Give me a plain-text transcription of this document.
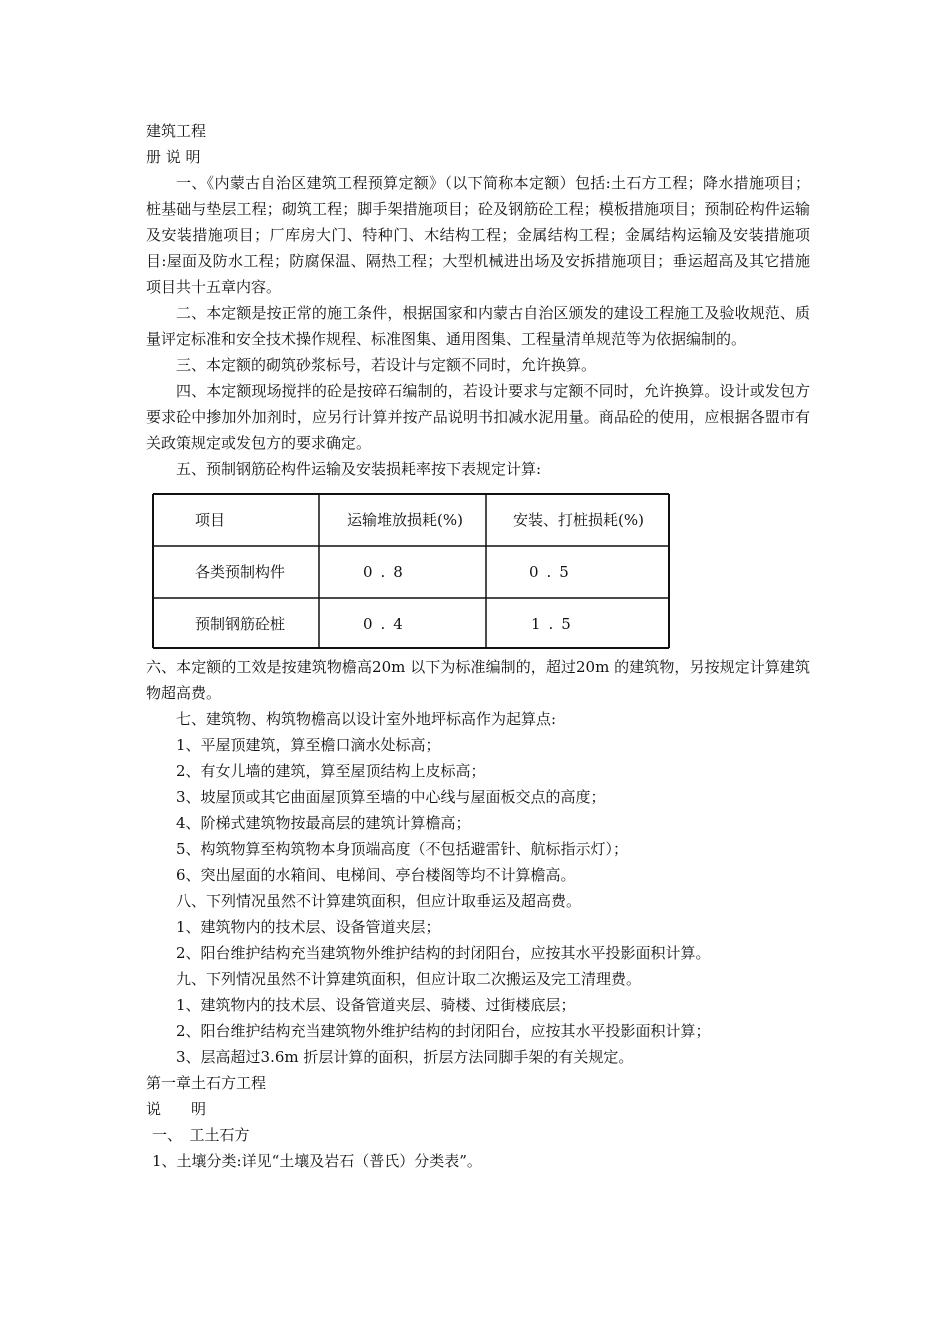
建筑工程

册 说 明

一、《内蒙古自治区建筑工程预算定额》（以下简称本定额）包括:土石方工程；降水措施项目；桩基础与垫层工程；砌筑工程；脚手架措施项目；砼及钢筋砼工程；模板措施项目；预制砼构件运输及安装措施项目；厂库房大门、特种门、木结构工程；金属结构工程；金属结构运输及安装措施项目:屋面及防水工程；防腐保温、隔热工程；大型机械进出场及安拆措施项目；垂运超高及其它措施项目共十五章内容。

二、本定额是按正常的施工条件，根据国家和内蒙古自治区颁发的建设工程施工及验收规范、质量评定标准和安全技术操作规程、标准图集、通用图集、工程量清单规范等为依据编制的。

三、本定额的砌筑砂浆标号，若设计与定额不同时，允许换算。

四、本定额现场搅拌的砼是按碎石编制的，若设计要求与定额不同时，允许换算。设计或发包方要求砼中掺加外加剂时，应另行计算并按产品说明书扣减水泥用量。商品砼的使用，应根据各盟市有关政策规定或发包方的要求确定。

五、预制钢筋砼构件运输及安装损耗率按下表规定计算:

项目	运输堆放损耗(%)	安装、打桩损耗(%)
各类预制构件	0.8	0.5
预制钢筋砼桩	0.4	1.5

六、本定额的工效是按建筑物檐高20m 以下为标准编制的，超过20m 的建筑物，另按规定计算建筑物超高费。

七、建筑物、构筑物檐高以设计室外地坪标高作为起算点:

1、平屋顶建筑，算至檐口滴水处标高；

2、有女儿墙的建筑，算至屋顶结构上皮标高；

3、坡屋顶或其它曲面屋顶算至墙的中心线与屋面板交点的高度；

4、阶梯式建筑物按最高层的建筑计算檐高；

5、构筑物算至构筑物本身顶端高度（不包括避雷针、航标指示灯）；

6、突出屋面的水箱间、电梯间、亭台楼阁等均不计算檐高。

八、下列情况虽然不计算建筑面积，但应计取垂运及超高费。

1、建筑物内的技术层、设备管道夹层；

2、阳台维护结构充当建筑物外维护结构的封闭阳台，应按其水平投影面积计算。

九、下列情况虽然不计算建筑面积，但应计取二次搬运及完工清理费。

1、建筑物内的技术层、设备管道夹层、骑楼、过街楼底层；

2、阳台维护结构充当建筑物外维护结构的封闭阳台，应按其水平投影面积计算；

3、层高超过3.6m 折层计算的面积，折层方法同脚手架的有关规定。

第一章土石方工程

说　　明

一、　工土石方

1、土壤分类:详见“土壤及岩石（普氏）分类表”。
